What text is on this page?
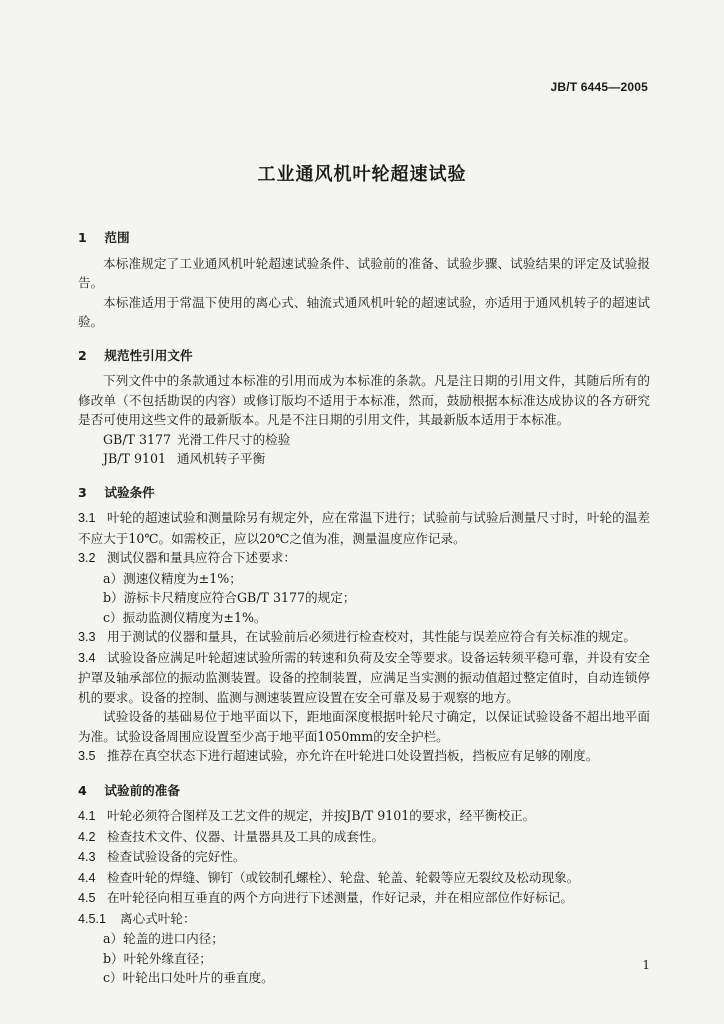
JB/T 6445—2005
工业通风机叶轮超速试验
1 范围

本标准规定了工业通风机叶轮超速试验条件、试验前的准备、试验步骤、试验结果的评定及试验报告。

本标准适用于常温下使用的离心式、轴流式通风机叶轮的超速试验，亦适用于通风机转子的超速试验。

2 规范性引用文件

下列文件中的条款通过本标准的引用而成为本标准的条款。凡是注日期的引用文件，其随后所有的修改单（不包括勘误的内容）或修订版均不适用于本标准，然而，鼓励根据本标准达成协议的各方研究是否可使用这些文件的最新版本。凡是不注日期的引用文件，其最新版本适用于本标准。

GB/T 3177 光滑工件尺寸的检验

JB/T 9101 通风机转子平衡

3 试验条件

3.1 叶轮的超速试验和测量除另有规定外，应在常温下进行；试验前与试验后测量尺寸时，叶轮的温差不应大于10℃。如需校正，应以20℃之值为准，测量温度应作记录。

3.2 测试仪器和量具应符合下述要求：

a）测速仪精度为±1%；

b）游标卡尺精度应符合GB/T 3177的规定；

c）振动监测仪精度为±1%。

3.3 用于测试的仪器和量具，在试验前后必须进行检查校对，其性能与误差应符合有关标准的规定。

3.4 试验设备应满足叶轮超速试验所需的转速和负荷及安全等要求。设备运转须平稳可靠，并设有安全护罩及轴承部位的振动监测装置。设备的控制装置，应满足当实测的振动值超过整定值时，自动连锁停机的要求。设备的控制、监测与测速装置应设置在安全可靠及易于观察的地方。

试验设备的基础易位于地平面以下，距地面深度根据叶轮尺寸确定，以保证试验设备不超出地平面为准。试验设备周围应设置至少高于地平面1050mm的安全护栏。

3.5 推荐在真空状态下进行超速试验，亦允许在叶轮进口处设置挡板，挡板应有足够的刚度。

4 试验前的准备

4.1 叶轮必须符合图样及工艺文件的规定，并按JB/T 9101的要求，经平衡校正。

4.2 检查技术文件、仪器、计量器具及工具的成套性。

4.3 检查试验设备的完好性。

4.4 检查叶轮的焊缝、铆钉（或铰制孔螺栓）、轮盘、轮盖、轮毂等应无裂纹及松动现象。

4.5 在叶轮径向相互垂直的两个方向进行下述测量，作好记录，并在相应部位作好标记。

4.5.1 离心式叶轮：

a）轮盖的进口内径；

b）叶轮外缘直径；

c）叶轮出口处叶片的垂直度。

1
